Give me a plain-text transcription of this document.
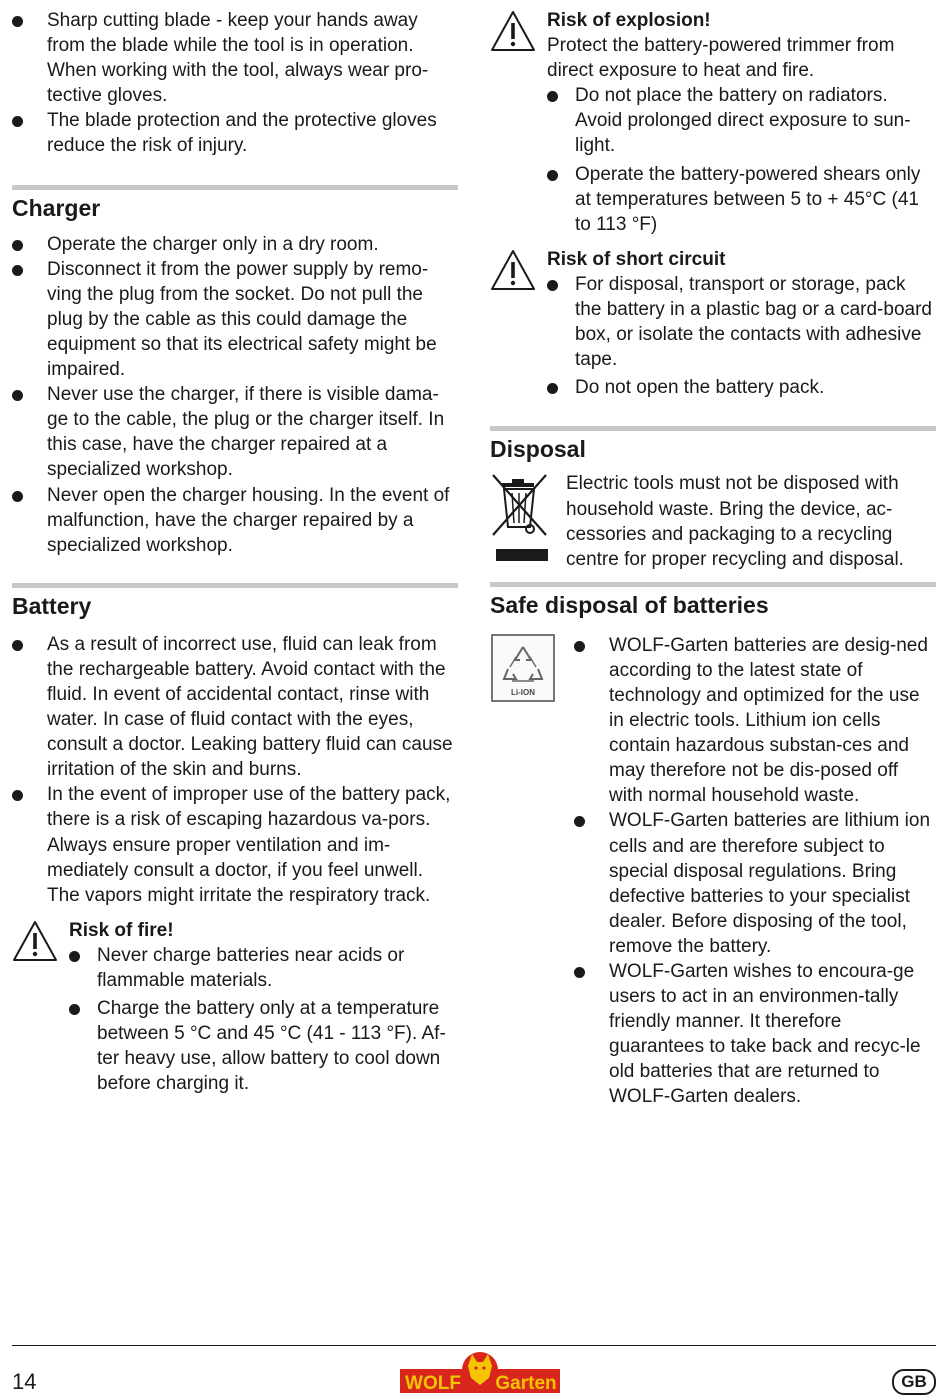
Sharp cutting blade - keep your hands away from the blade while the tool is in operation. When working with the tool, always wear pro-tective gloves.
The blade protection and the protective gloves reduce the risk of injury.
Charger
Operate the charger only in a dry room.
Disconnect it from the power supply by remo-ving the plug from the socket. Do not pull the plug by the cable as this could damage the equipment so that its electrical safety might be impaired.
Never use the charger, if there is visible dama-ge to the cable, the plug or the charger itself. In this case, have the charger repaired at a specialized workshop.
Never open the charger housing. In the event of malfunction, have the charger repaired by a specialized workshop.
Battery
As a result of incorrect use, fluid can leak from the rechargeable battery. Avoid contact with the fluid. In event of accidental contact, rinse with water. In case of fluid contact with the eyes, consult a doctor. Leaking battery fluid can cause irritation of the skin and burns.
In the event of improper use of the battery pack, there is a risk of escaping hazardous va-pors. Always ensure proper ventilation and im-mediately consult a doctor, if you feel unwell. The vapors might irritate the respiratory track.
Risk of fire!
Never charge batteries near acids or flammable materials.
Charge the battery only at a temperature between 5 °C and 45 °C (41 - 113 °F). Af-ter heavy use, allow battery to cool down before charging it.
Risk of explosion!
Protect the battery-powered trimmer from direct exposure to heat and fire.
Do not place the battery on radiators. Avoid prolonged direct exposure to sun-light.
Operate the battery-powered shears only at temperatures between 5 to + 45°C (41 to 113 °F)
Risk of short circuit
For disposal, transport or storage, pack the battery in a plastic bag or a card-board box, or isolate the contacts with adhesive tape.
Do not open the battery pack.
Disposal
Electric tools must not be disposed with household waste. Bring the device, ac-cessories and packaging to a recycling centre for proper recycling and disposal.
Safe disposal of batteries
Li-ION
WOLF-Garten batteries are desig-ned according to the latest state of technology and optimized for the use in electric tools. Lithium ion cells contain hazardous substan-ces and may therefore not be dis-posed off with normal household waste.
WOLF-Garten batteries are lithium ion cells and are therefore subject to special disposal regulations. Bring defective batteries to your specialist dealer. Before disposing of the tool, remove the battery.
WOLF-Garten wishes to encoura-ge users to act in an environmen-tally friendly manner. It therefore guarantees to take back and recyc-le old batteries that are returned to WOLF-Garten dealers.
14	WOLF Garten	GB
